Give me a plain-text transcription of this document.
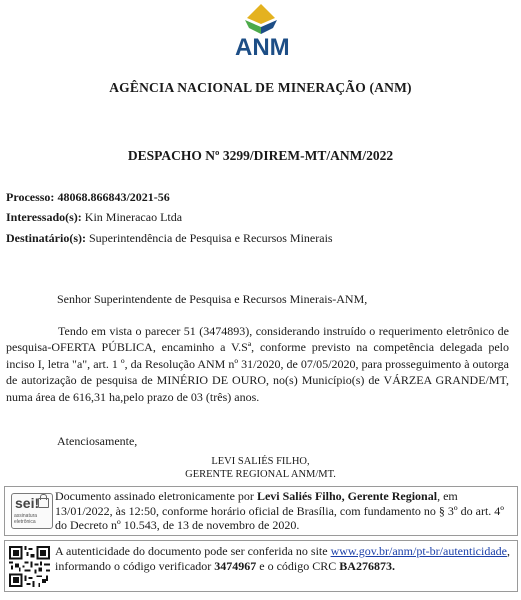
ANM
AGÊNCIA NACIONAL DE MINERAÇÃO (ANM)
DESPACHO Nº 3299/DIREM-MT/ANM/2022
Processo: 48068.866843/2021-56
Interessado(s): Kin Mineracao Ltda
Destinatário(s): Superintendência de Pesquisa e Recursos Minerais
Senhor Superintendente de Pesquisa e Recursos Minerais-ANM,
Tendo em vista o parecer 51 (3474893), considerando instruído o requerimento eletrônico de pesquisa-OFERTA PÚBLICA, encaminho a V.Sª, conforme previsto na competência delegada pelo inciso I, letra "a", art. 1 º, da Resolução ANM nº 31/2020, de 07/05/2020, para prosseguimento à outorga de autorização de pesquisa de MINÉRIO DE OURO, no(s) Município(s) de VÁRZEA GRANDE/MT, numa área de 616,31 ha,pelo prazo de 03 (três) anos.
Atenciosamente,
LEVI SALIÉS FILHO,
GERENTE REGIONAL ANM/MT.
sei!
assinatura eletrônica
Documento assinado eletronicamente por Levi Saliés Filho, Gerente Regional, em 13/01/2022, às 12:50, conforme horário oficial de Brasília, com fundamento no § 3º do art. 4º do Decreto nº 10.543, de 13 de novembro de 2020.
A autenticidade do documento pode ser conferida no site www.gov.br/anm/pt-br/autenticidade, informando o código verificador 3474967 e o código CRC BA276873.
